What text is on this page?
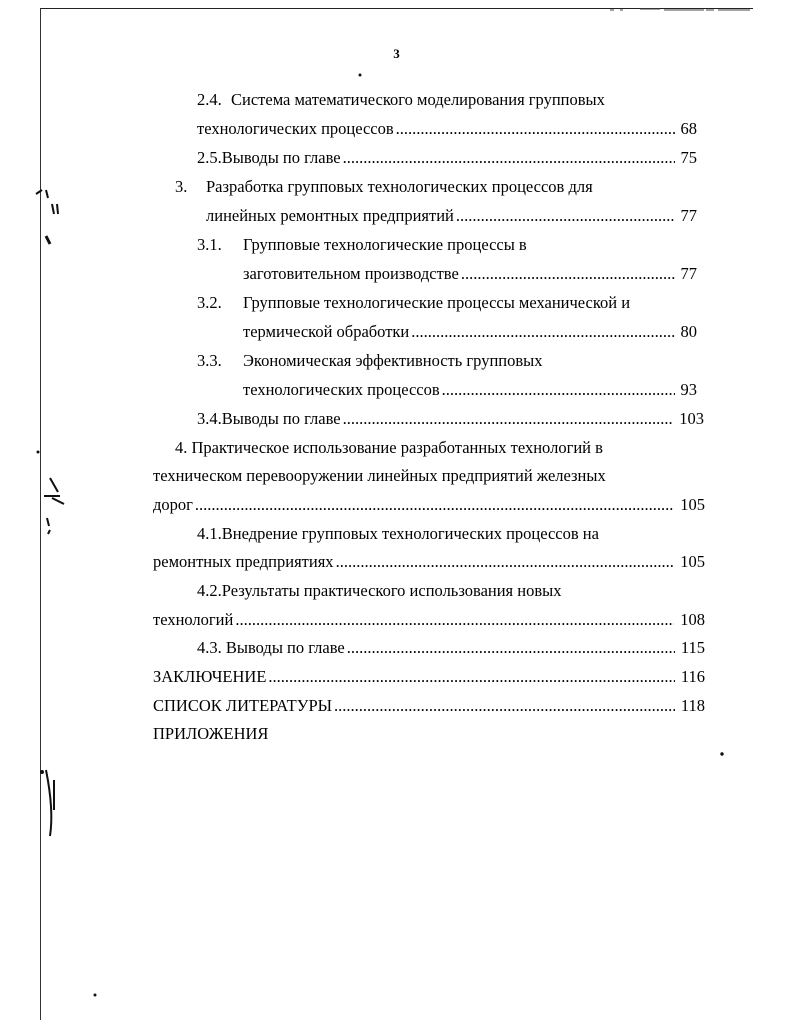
3
2.4. Система математического моделирования групповых
технологических процессов .....	68
2.5. Выводы по главе .....	75
3.	Разработка групповых технологических процессов для
линейных ремонтных предприятий .....	77
3.1.	Групповые технологические процессы в
заготовительном производстве .....	77
3.2.	Групповые технологические процессы механической и
термической обработки .....	80
3.3.	Экономическая эффективность групповых
технологических процессов .....	93
3.4. Выводы по главе .....	103
4. Практическое использование разработанных технологий в
техническом перевооружении линейных предприятий железных
дорог .....	105
4.1.Внедрение групповых технологических процессов на
ремонтных предприятиях .....	105
4.2.Результаты практического использования новых
технологий .....	108
4.3. Выводы по главе .....	115
ЗАКЛЮЧЕНИЕ .....	116
СПИСОК ЛИТЕРАТУРЫ .....	118
ПРИЛОЖЕНИЯ
